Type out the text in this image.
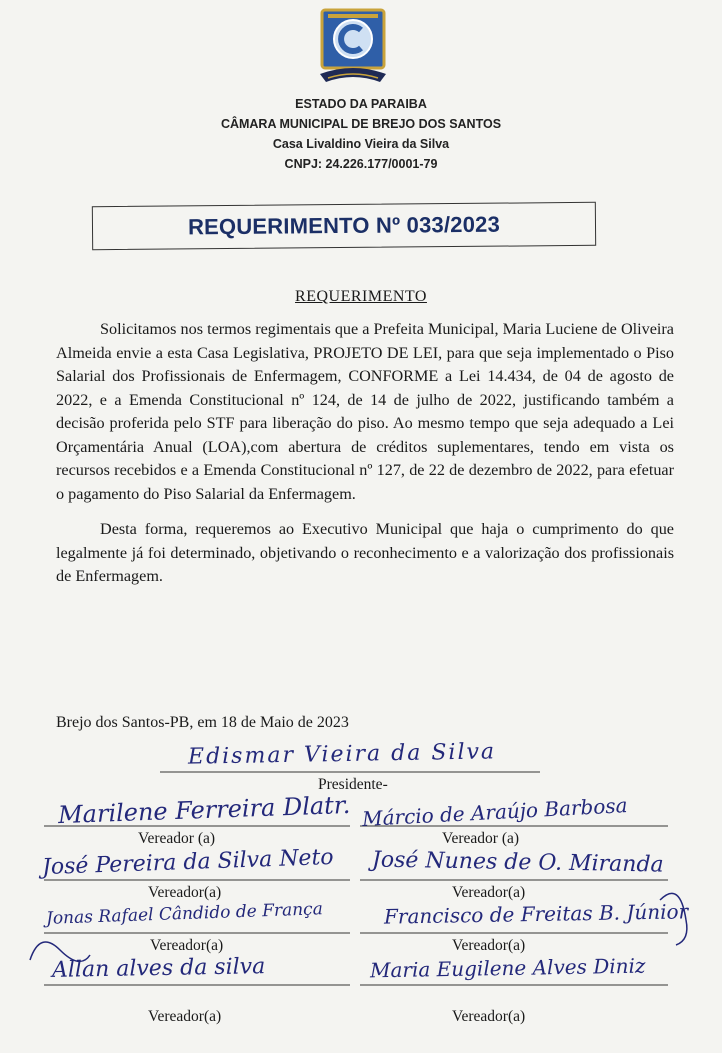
ESTADO DA PARAIBA
CÂMARA MUNICIPAL DE BREJO DOS SANTOS
Casa Livaldino Vieira da Silva
CNPJ: 24.226.177/0001-79
REQUERIMENTO Nº 033/2023
REQUERIMENTO

Solicitamos nos termos regimentais que a Prefeita Municipal, Maria Luciene de Oliveira Almeida envie a esta Casa Legislativa, PROJETO DE LEI, para que seja implementado o Piso Salarial dos Profissionais de Enfermagem, CONFORME a Lei 14.434, de 04 de agosto de 2022, e a Emenda Constitucional nº 124, de 14 de julho de 2022, justificando também a decisão proferida pelo STF para liberação do piso. Ao mesmo tempo que seja adequado a Lei Orçamentária Anual (LOA),com abertura de créditos suplementares, tendo em vista os recursos recebidos e a Emenda Constitucional nº 127, de 22 de dezembro de 2022, para efetuar o pagamento do Piso Salarial da Enfermagem.

Desta forma, requeremos ao Executivo Municipal que haja o cumprimento do que legalmente já foi determinado, objetivando o reconhecimento e a valorização dos profissionais de Enfermagem.

Brejo dos Santos-PB, em 18 de Maio de 2023
Edismar Vieira da Silva
Presidente-
Marilene Ferreira Dlatr.
Vereador (a)
Márcio de Araújo Barbosa
Vereador (a)
José Pereira da Silva Neto
Vereador(a)
José Nunes de O. Miranda
Vereador(a)
Jonas Rafael Cândido de França
Vereador(a)
Francisco de Freitas B. Júnior
Vereador(a)
Allan alves da silva
Vereador(a)
Maria Eugilene Alves Diniz
Vereador(a)
